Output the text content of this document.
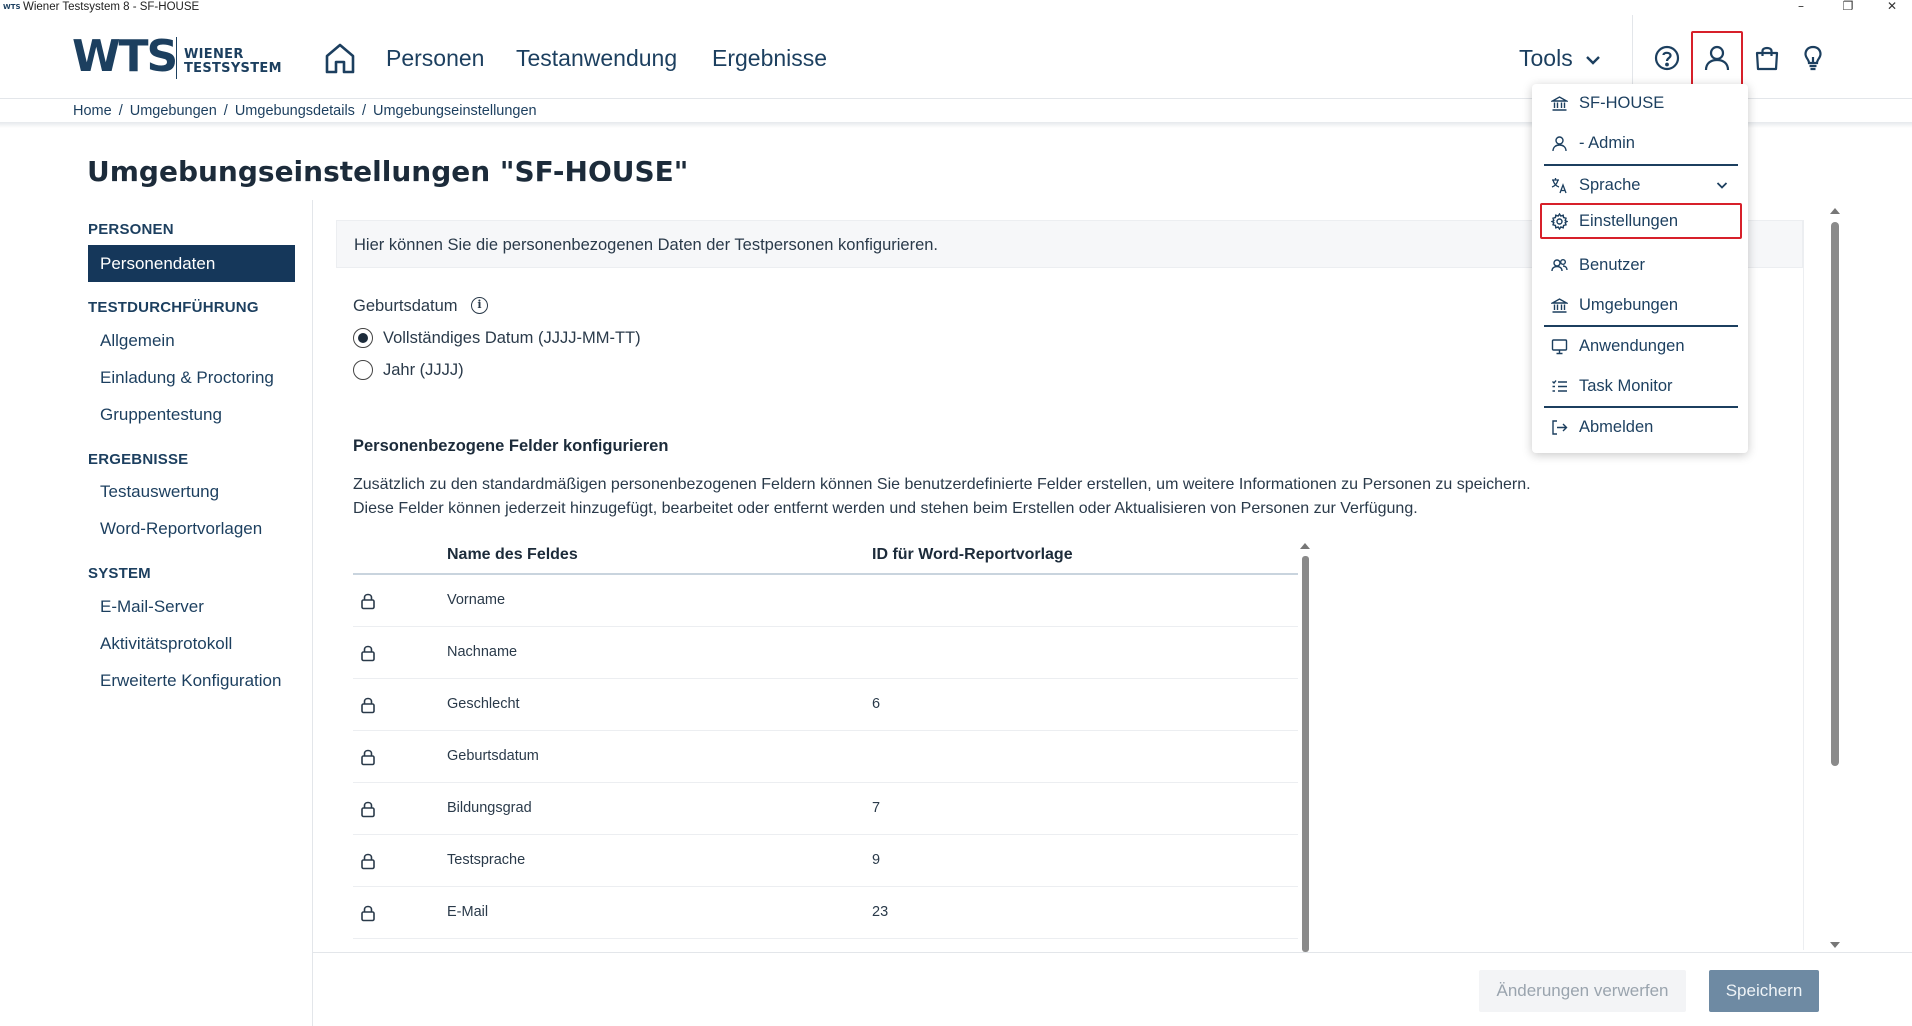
WTS Wiener Testsystem 8 - SF-HOUSE	–	❐	✕
WTS WIENER
TESTSYSTEM	Personen Testanwendung Ergebnisse	Tools
Home / Umgebungen / Umgebungsdetails / Umgebungseinstellungen
Umgebungseinstellungen "SF-HOUSE"
PERSONEN
Personendaten
TESTDURCHFÜHRUNG
Allgemein
Einladung & Proctoring
Gruppentestung
ERGEBNISSE
Testauswertung
Word-Reportvorlagen
SYSTEM
E-Mail-Server
Aktivitätsprotokoll
Erweiterte Konfiguration
Hier können Sie die personenbezogenen Daten der Testpersonen konfigurieren.
Geburtsdatum	i
Vollständiges Datum (JJJJ-MM-TT)
Jahr (JJJJ)
Personenbezogene Felder konfigurieren
Zusätzlich zu den standardmäßigen personenbezogenen Feldern können Sie benutzerdefinierte Felder erstellen, um weitere Informationen zu Personen zu speichern.
Diese Felder können jederzeit hinzugefügt, bearbeitet oder entfernt werden und stehen beim Erstellen oder Aktualisieren von Personen zur Verfügung.
Name des Feldes	ID für Word-Reportvorlage
Vorname
Nachname
Geschlecht	6
Geburtsdatum
Bildungsgrad	7
Testsprache	9
E-Mail	23
Änderungen verwerfen	Speichern
SF-HOUSE
- Admin
Sprache
Einstellungen
Benutzer
Umgebungen
Anwendungen
Task Monitor
Abmelden
